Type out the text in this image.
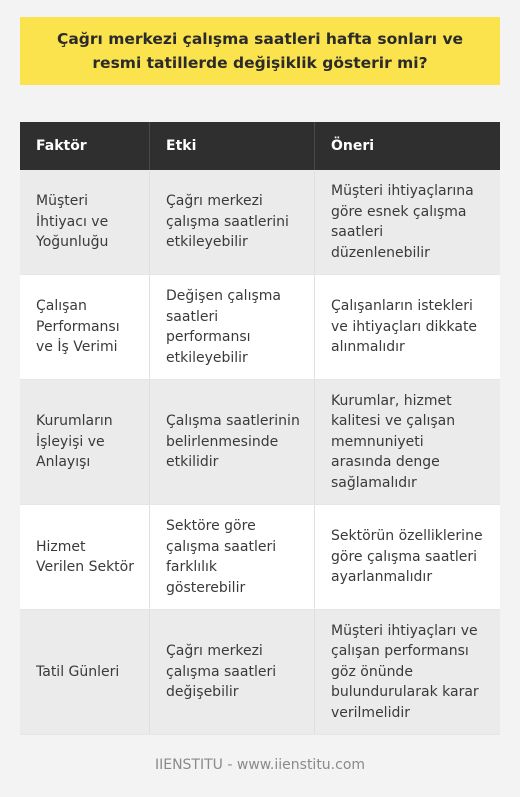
Çağrı merkezi çalışma saatleri hafta sonları ve resmi tatillerde değişiklik gösterir mi?
Faktör	Etki	Öneri
Müşteri İhtiyacı ve Yoğunluğu
Çağrı merkezi çalışma saatlerini etkileyebilir
Müşteri ihtiyaçlarına göre esnek çalışma saatleri düzenlenebilir
Çalışan Performansı ve İş Verimi
Değişen çalışma saatleri performansı etkileyebilir
Çalışanların istekleri ve ihtiyaçları dikkate alınmalıdır
Kurumların İşleyişi ve Anlayışı
Çalışma saatlerinin belirlenmesinde etkilidir
Kurumlar, hizmet kalitesi ve çalışan memnuniyeti arasında denge sağlamalıdır
Hizmet Verilen Sektör
Sektöre göre çalışma saatleri farklılık gösterebilir
Sektörün özelliklerine göre çalışma saatleri ayarlanmalıdır
Tatil Günleri
Çağrı merkezi çalışma saatleri değişebilir
Müşteri ihtiyaçları ve çalışan performansı göz önünde bulundurularak karar verilmelidir
IIENSTITU - www.iienstitu.com
